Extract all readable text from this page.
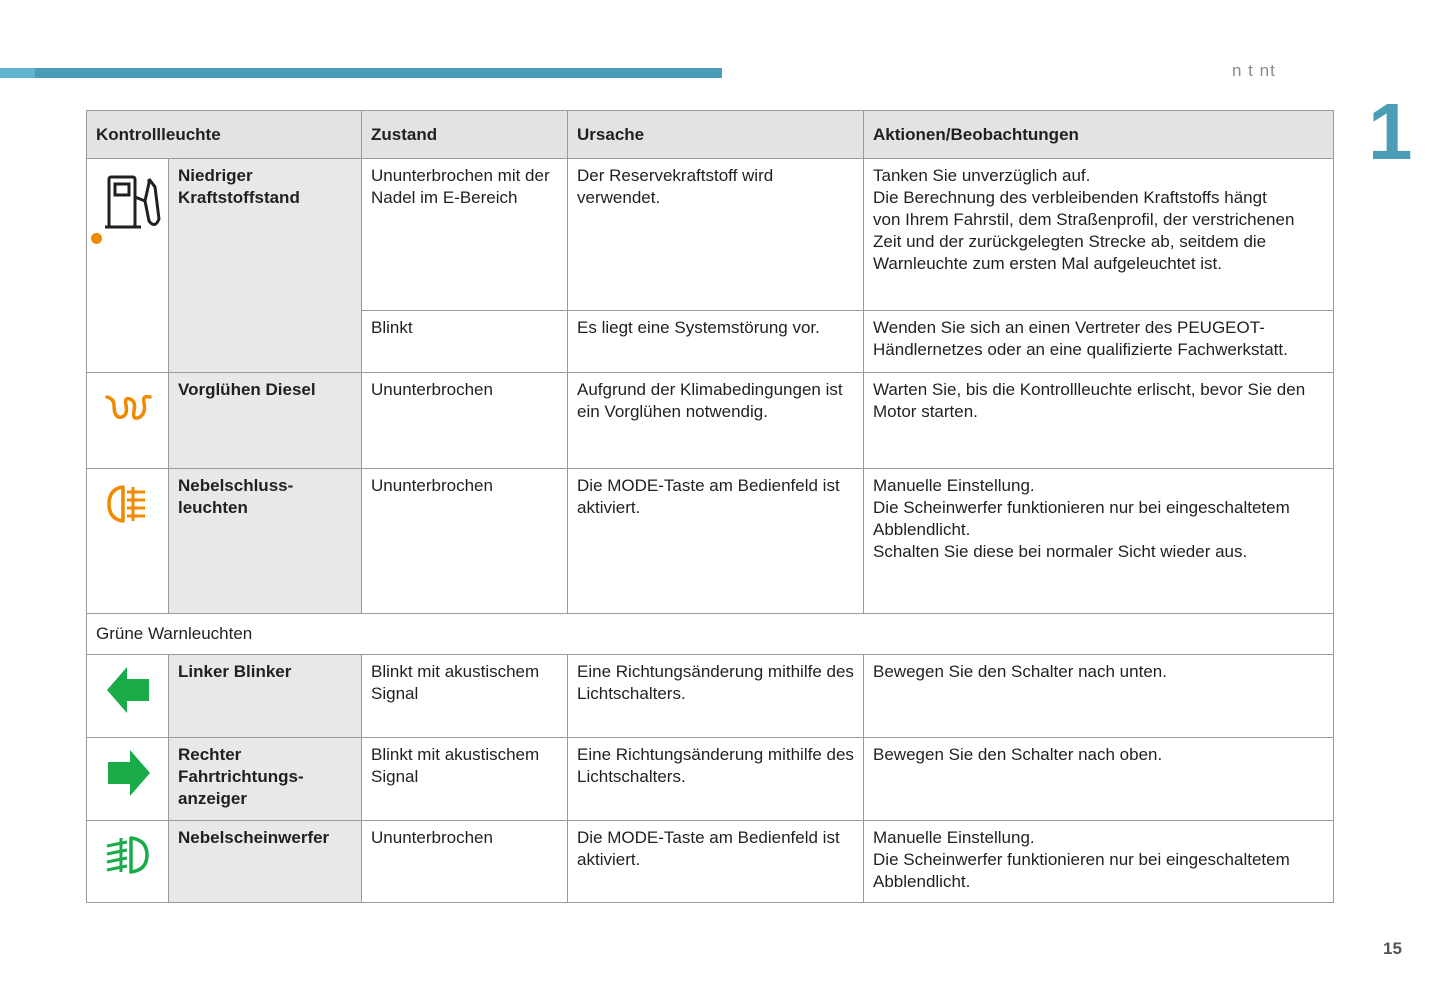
n t nt
1
15
Kontrollleuchte		Zustand	Ursache	Aktionen/Beobachtungen

	Niedriger
Kraftstoffstand	Ununterbrochen mit der
Nadel im E-Bereich	Der Reservekraftstoff wird
verwendet.	Tanken Sie unverzüglich auf.
Die Berechnung des verbleibenden Kraftstoffs hängt
von Ihrem Fahrstil, dem Straßenprofil, der verstrichenen
Zeit und der zurückgelegten Strecke ab, seitdem die
Warnleuchte zum ersten Mal aufgeleuchtet ist.
		Blinkt	Es liegt eine Systemstörung vor.	Wenden Sie sich an einen Vertreter des PEUGEOT-
Händlernetzes oder an eine qualifizierte Fachwerkstatt.

	Vorglühen Diesel	Ununterbrochen	Aufgrund der Klimabedingungen ist
ein Vorglühen notwendig.	Warten Sie, bis die Kontrollleuchte erlischt, bevor Sie den
Motor starten.

	Nebelschluss-
leuchten	Ununterbrochen	Die MODE-Taste am Bedienfeld ist
aktiviert.	Manuelle Einstellung.
Die Scheinwerfer funktionieren nur bei eingeschaltetem
Abblendlicht.
Schalten Sie diese bei normaler Sicht wieder aus.
Grüne Warnleuchten				

	Linker Blinker	Blinkt mit akustischem
Signal	Eine Richtungsänderung mithilfe des
Lichtschalters.	Bewegen Sie den Schalter nach unten.

	Rechter
Fahrtrichtungs-
anzeiger	Blinkt mit akustischem
Signal	Eine Richtungsänderung mithilfe des
Lichtschalters.	Bewegen Sie den Schalter nach oben.

	Nebelscheinwerfer	Ununterbrochen	Die MODE-Taste am Bedienfeld ist
aktiviert.	Manuelle Einstellung.
Die Scheinwerfer funktionieren nur bei eingeschaltetem
Abblendlicht.
